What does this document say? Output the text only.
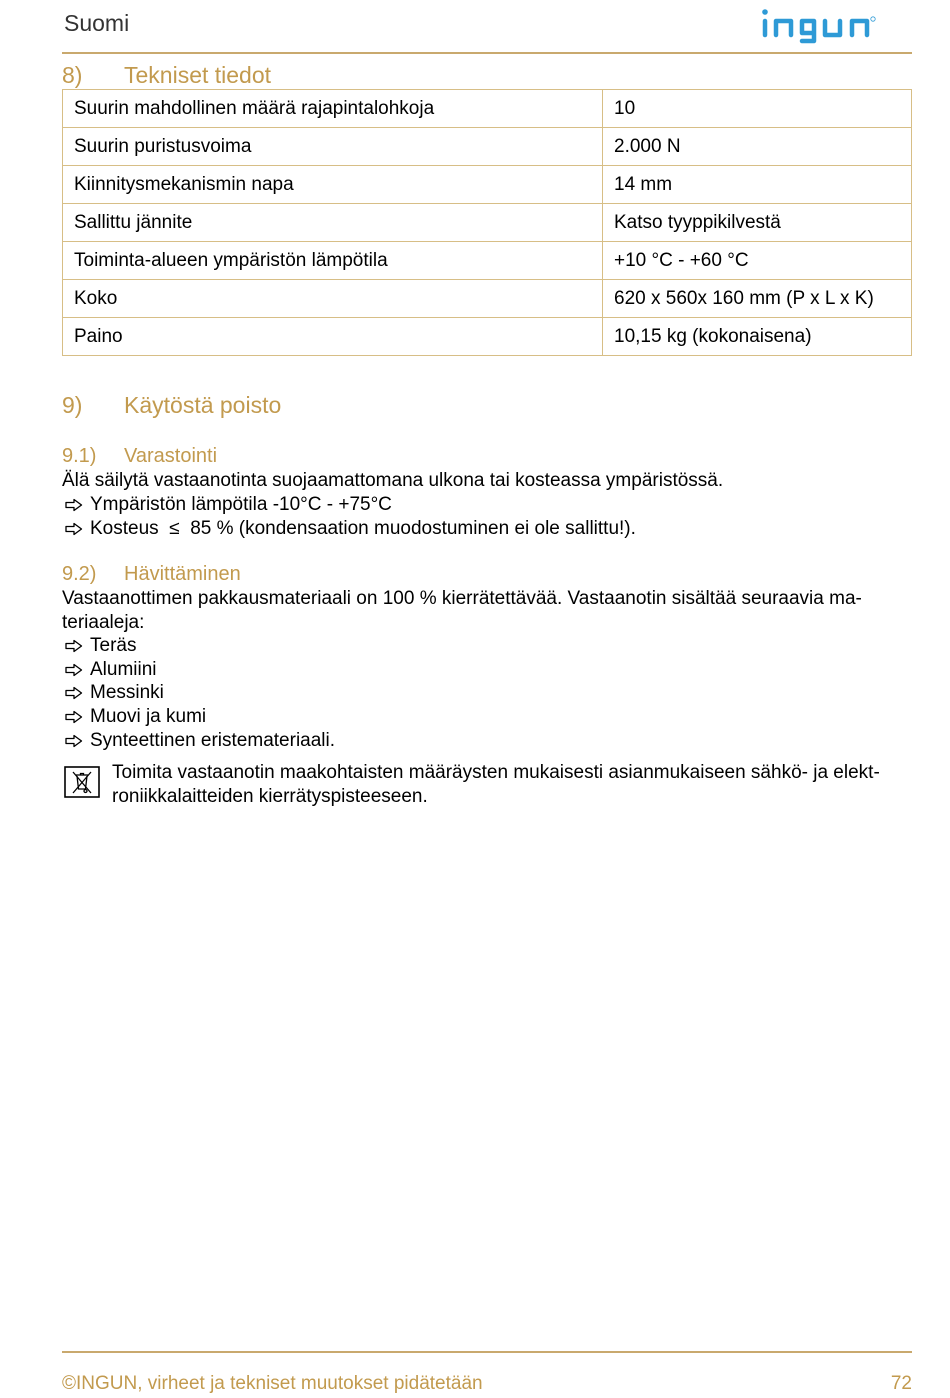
Suomi
8) Tekniset tiedot
Suurin mahdollinen määrä rajapintalohkoja	10
Suurin puristusvoima	2.000 N
Kiinnitysmekanismin napa	14 mm
Sallittu jännite	Katso tyyppikilvestä
Toiminta-alueen ympäristön lämpötila	+10 °C - +60 °C
Koko	620 x 560x 160 mm (P x L x K)
Paino	10,15 kg (kokonaisena)
9) Käytöstä poisto
9.1) Varastointi
Älä säilytä vastaanotinta suojaamattomana ulkona tai kosteassa ympäristössä.
Ympäristön lämpötila -10°C - +75°C
Kosteus  ≤  85 % (kondensaation muodostuminen ei ole sallittu!).
9.2) Hävittäminen
Vastaanottimen pakkausmateriaali on 100 % kierrätettävää. Vastaanotin sisältää seuraavia ma-
teriaaleja:
Teräs
Alumiini
Messinki
Muovi ja kumi
Synteettinen eristemateriaali.
Toimita vastaanotin maakohtaisten määräysten mukaisesti asianmukaiseen sähkö- ja elekt-
roniikkalaitteiden kierrätyspisteeseen.
©INGUN, virheet ja tekniset muutokset pidätetään	72
